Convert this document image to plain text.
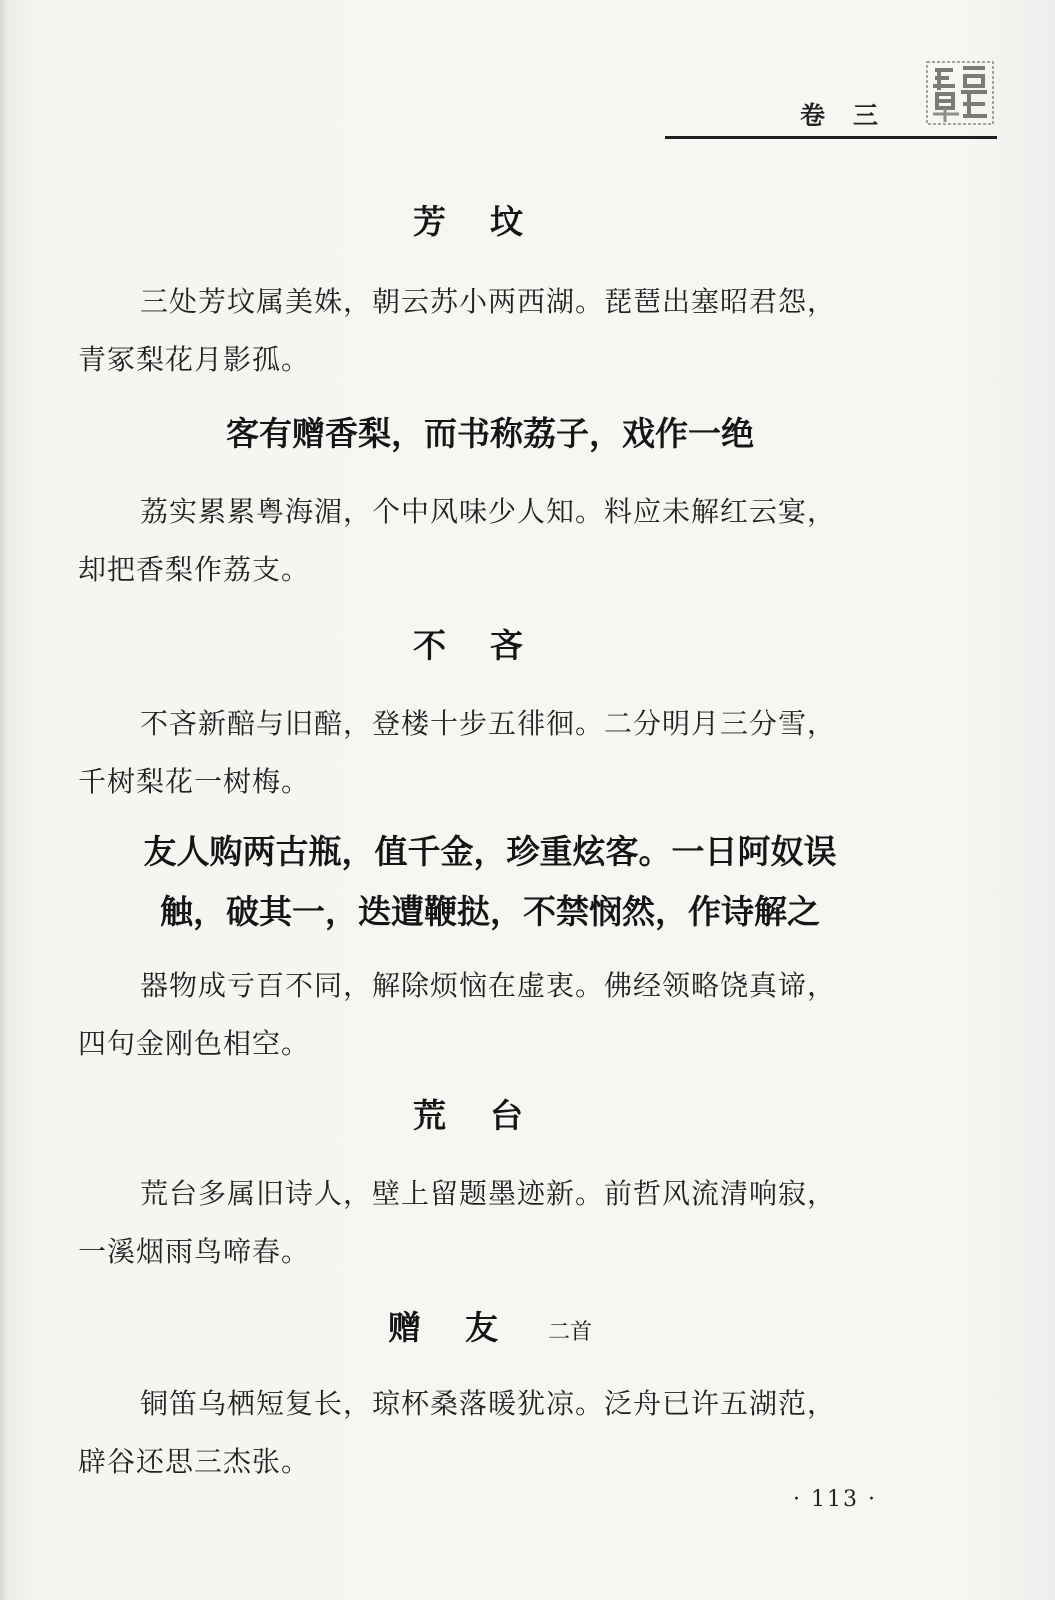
卷三
芳坟
三处芳坟属美姝，朝云苏小两西湖。琵琶出塞昭君怨，
青冢梨花月影孤。
客有赠香梨，而书称荔子，戏作一绝
荔实累累粤海湄，个中风味少人知。料应未解红云宴，
却把香梨作荔支。
不吝
不吝新醅与旧醅，登楼十步五徘徊。二分明月三分雪，
千树梨花一树梅。
友人购两古瓶，值千金，珍重炫客。一日阿奴误
触，破其一，迭遭鞭挞，不禁悯然，作诗解之
器物成亏百不同，解除烦恼在虚衷。佛经领略饶真谛，
四句金刚色相空。
荒台
荒台多属旧诗人，壁上留题墨迹新。前哲风流清响寂，
一溪烟雨鸟啼春。
赠友 二首
铜笛乌栖短复长，琼杯桑落暖犹凉。泛舟已许五湖范，
辟谷还思三杰张。
· 113 ·
